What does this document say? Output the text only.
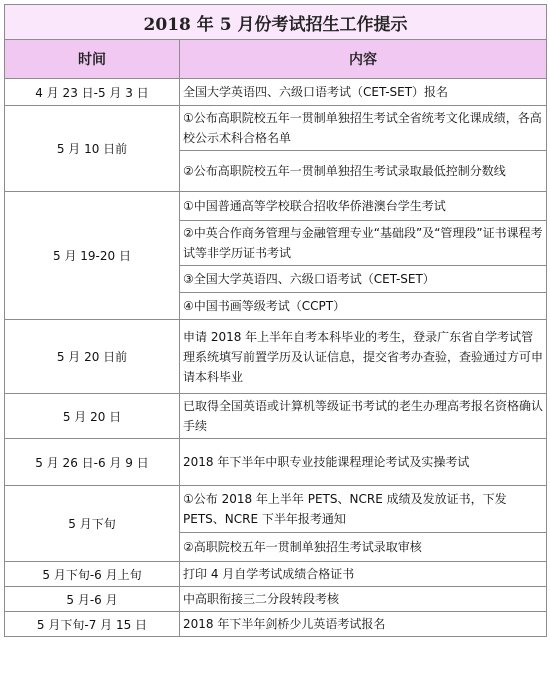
2018 年 5 月份考试招生工作提示	
时间	内容
4 月 23 日-5 月 3 日	全国大学英语四、六级口语考试（CET-SET）报名
5 月 10 日前	①公布高职院校五年一贯制单独招生考试全省统考文化课成绩，各高校公示术科合格名单
	②公布高职院校五年一贯制单独招生考试录取最低控制分数线
5 月 19-20 日	①中国普通高等学校联合招收华侨港澳台学生考试
	②中英合作商务管理与金融管理专业“基础段”及“管理段”证书课程考试等非学历证书考试
	③全国大学英语四、六级口语考试（CET-SET）
	④中国书画等级考试（CCPT）
5 月 20 日前	申请 2018 年上半年自考本科毕业的考生，登录广东省自学考试管理系统填写前置学历及认证信息，提交省考办查验，查验通过方可申请本科毕业
5 月 20 日	已取得全国英语或计算机等级证书考试的老生办理高考报名资格确认手续
5 月 26 日-6 月 9 日	2018 年下半年中职专业技能课程理论考试及实操考试
5 月下旬	①公布 2018 年上半年 PETS、NCRE 成绩及发放证书，下发 PETS、NCRE 下半年报考通知
	②高职院校五年一贯制单独招生考试录取审核
5 月下旬-6 月上旬	打印 4 月自学考试成绩合格证书
5 月-6 月	中高职衔接三二分段转段考核
5 月下旬-7 月 15 日	2018 年下半年剑桥少儿英语考试报名
